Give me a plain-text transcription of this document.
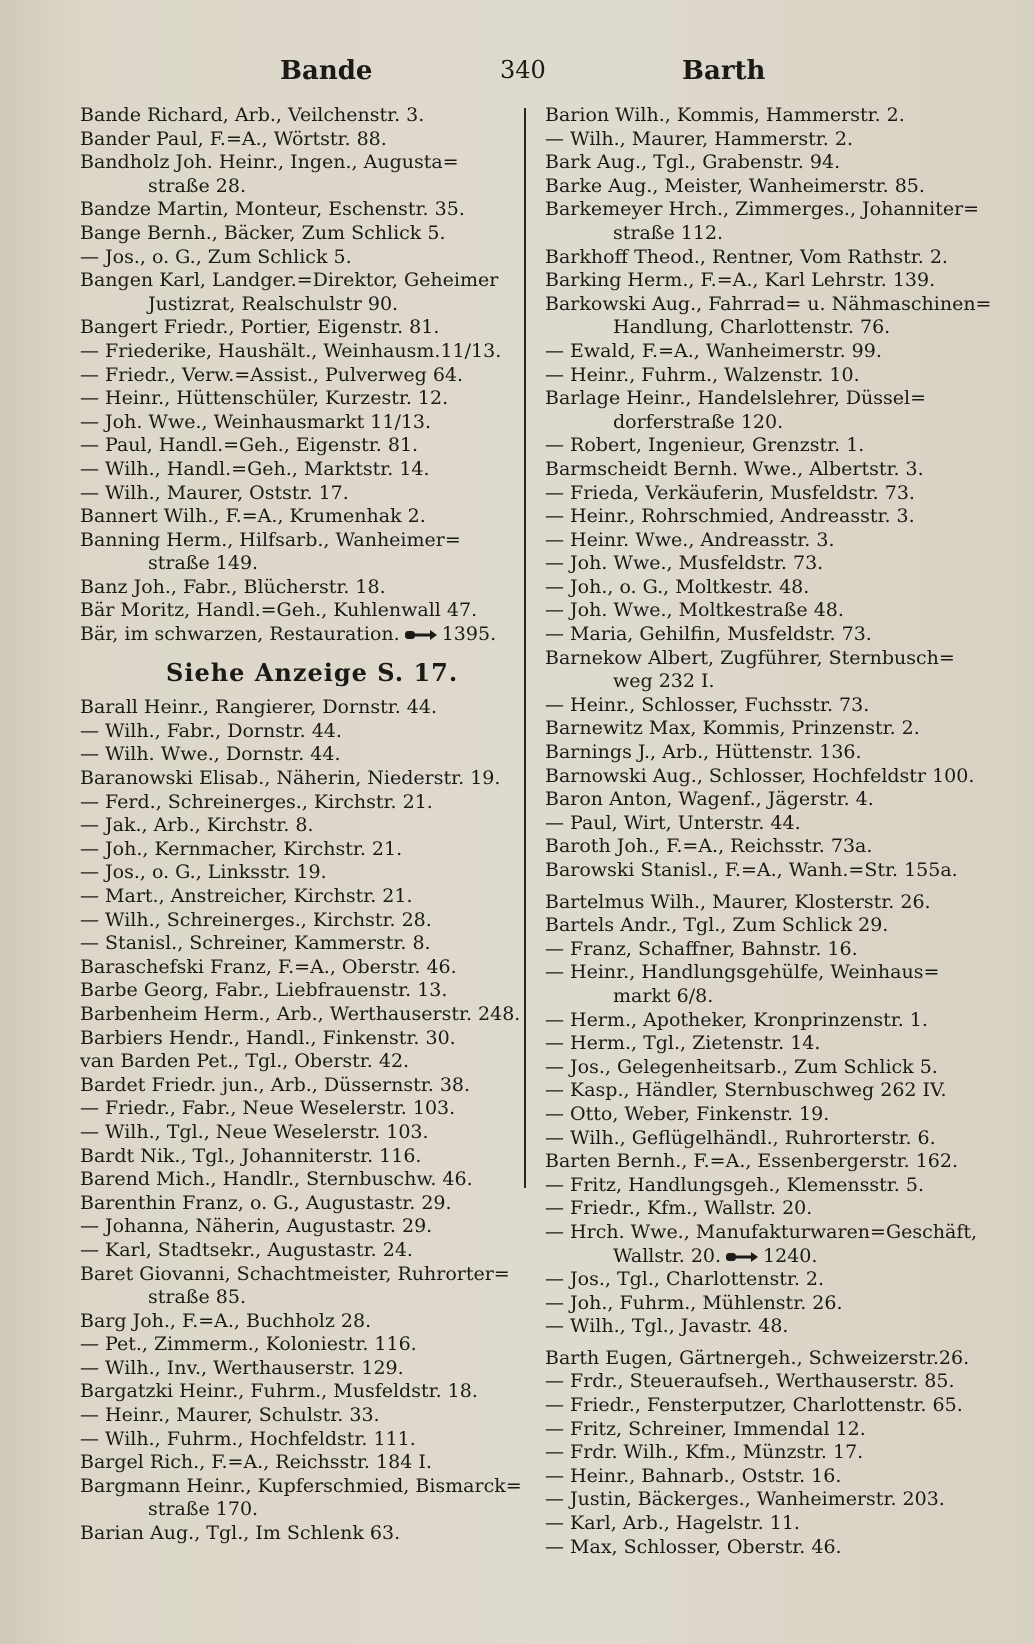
Bande	340	Barth
Bande Richard, Arb., Veilchenstr. 3.
Bander Paul, F.=A., Wörtstr. 88.
Bandholz Joh. Heinr., Ingen., Augusta=
straße 28.
Bandze Martin, Monteur, Eschenstr. 35.
Bange Bernh., Bäcker, Zum Schlick 5.
— Jos., o. G., Zum Schlick 5.
Bangen Karl, Landger.=Direktor, Geheimer
Justizrat, Realschulstr 90.
Bangert Friedr., Portier, Eigenstr. 81.
— Friederike, Haushält., Weinhausm.11/13.
— Friedr., Verw.=Assist., Pulverweg 64.
— Heinr., Hüttenschüler, Kurzestr. 12.
— Joh. Wwe., Weinhausmarkt 11/13.
— Paul, Handl.=Geh., Eigenstr. 81.
— Wilh., Handl.=Geh., Marktstr. 14.
— Wilh., Maurer, Oststr. 17.
Bannert Wilh., F.=A., Krumenhak 2.
Banning Herm., Hilfsarb., Wanheimer=
straße 149.
Banz Joh., Fabr., Blücherstr. 18.
Bär Moritz, Handl.=Geh., Kuhlenwall 47.
Bär, im schwarzen, Restauration. 1395.
Siehe Anzeige S. 17.
Barall Heinr., Rangierer, Dornstr. 44.
— Wilh., Fabr., Dornstr. 44.
— Wilh. Wwe., Dornstr. 44.
Baranowski Elisab., Näherin, Niederstr. 19.
— Ferd., Schreinerges., Kirchstr. 21.
— Jak., Arb., Kirchstr. 8.
— Joh., Kernmacher, Kirchstr. 21.
— Jos., o. G., Linksstr. 19.
— Mart., Anstreicher, Kirchstr. 21.
— Wilh., Schreinerges., Kirchstr. 28.
— Stanisl., Schreiner, Kammerstr. 8.
Baraschefski Franz, F.=A., Oberstr. 46.
Barbe Georg, Fabr., Liebfrauenstr. 13.
Barbenheim Herm., Arb., Werthauserstr. 248.
Barbiers Hendr., Handl., Finkenstr. 30.
van Barden Pet., Tgl., Oberstr. 42.
Bardet Friedr. jun., Arb., Düssernstr. 38.
— Friedr., Fabr., Neue Weselerstr. 103.
— Wilh., Tgl., Neue Weselerstr. 103.
Bardt Nik., Tgl., Johanniterstr. 116.
Barend Mich., Handlr., Sternbuschw. 46.
Barenthin Franz, o. G., Augustastr. 29.
— Johanna, Näherin, Augustastr. 29.
— Karl, Stadtsekr., Augustastr. 24.
Baret Giovanni, Schachtmeister, Ruhrorter=
straße 85.
Barg Joh., F.=A., Buchholz 28.
— Pet., Zimmerm., Koloniestr. 116.
— Wilh., Inv., Werthauserstr. 129.
Bargatzki Heinr., Fuhrm., Musfeldstr. 18.
— Heinr., Maurer, Schulstr. 33.
— Wilh., Fuhrm., Hochfeldstr. 111.
Bargel Rich., F.=A., Reichsstr. 184 I.
Bargmann Heinr., Kupferschmied, Bismarck=
straße 170.
Barian Aug., Tgl., Im Schlenk 63.
Barion Wilh., Kommis, Hammerstr. 2.
— Wilh., Maurer, Hammerstr. 2.
Bark Aug., Tgl., Grabenstr. 94.
Barke Aug., Meister, Wanheimerstr. 85.
Barkemeyer Hrch., Zimmerges., Johanniter=
straße 112.
Barkhoff Theod., Rentner, Vom Rathstr. 2.
Barking Herm., F.=A., Karl Lehrstr. 139.
Barkowski Aug., Fahrrad= u. Nähmaschinen=
Handlung, Charlottenstr. 76.
— Ewald, F.=A., Wanheimerstr. 99.
— Heinr., Fuhrm., Walzenstr. 10.
Barlage Heinr., Handelslehrer, Düssel=
dorferstraße 120.
— Robert, Ingenieur, Grenzstr. 1.
Barmscheidt Bernh. Wwe., Albertstr. 3.
— Frieda, Verkäuferin, Musfeldstr. 73.
— Heinr., Rohrschmied, Andreasstr. 3.
— Heinr. Wwe., Andreasstr. 3.
— Joh. Wwe., Musfeldstr. 73.
— Joh., o. G., Moltkestr. 48.
— Joh. Wwe., Moltkestraße 48.
— Maria, Gehilfin, Musfeldstr. 73.
Barnekow Albert, Zugführer, Sternbusch=
weg 232 I.
— Heinr., Schlosser, Fuchsstr. 73.
Barnewitz Max, Kommis, Prinzenstr. 2.
Barnings J., Arb., Hüttenstr. 136.
Barnowski Aug., Schlosser, Hochfeldstr 100.
Baron Anton, Wagenf., Jägerstr. 4.
— Paul, Wirt, Unterstr. 44.
Baroth Joh., F.=A., Reichsstr. 73a.
Barowski Stanisl., F.=A., Wanh.=Str. 155a.
Bartelmus Wilh., Maurer, Klosterstr. 26.
Bartels Andr., Tgl., Zum Schlick 29.
— Franz, Schaffner, Bahnstr. 16.
— Heinr., Handlungsgehülfe, Weinhaus=
markt 6/8.
— Herm., Apotheker, Kronprinzenstr. 1.
— Herm., Tgl., Zietenstr. 14.
— Jos., Gelegenheitsarb., Zum Schlick 5.
— Kasp., Händler, Sternbuschweg 262 IV.
— Otto, Weber, Finkenstr. 19.
— Wilh., Geflügelhändl., Ruhrorterstr. 6.
Barten Bernh., F.=A., Essenbergerstr. 162.
— Fritz, Handlungsgeh., Klemensstr. 5.
— Friedr., Kfm., Wallstr. 20.
— Hrch. Wwe., Manufakturwaren=Geschäft,
Wallstr. 20. 1240.
— Jos., Tgl., Charlottenstr. 2.
— Joh., Fuhrm., Mühlenstr. 26.
— Wilh., Tgl., Javastr. 48.
Barth Eugen, Gärtnergeh., Schweizerstr.26.
— Frdr., Steueraufseh., Werthauserstr. 85.
— Friedr., Fensterputzer, Charlottenstr. 65.
— Fritz, Schreiner, Immendal 12.
— Frdr. Wilh., Kfm., Münzstr. 17.
— Heinr., Bahnarb., Oststr. 16.
— Justin, Bäckerges., Wanheimerstr. 203.
— Karl, Arb., Hagelstr. 11.
— Max, Schlosser, Oberstr. 46.
